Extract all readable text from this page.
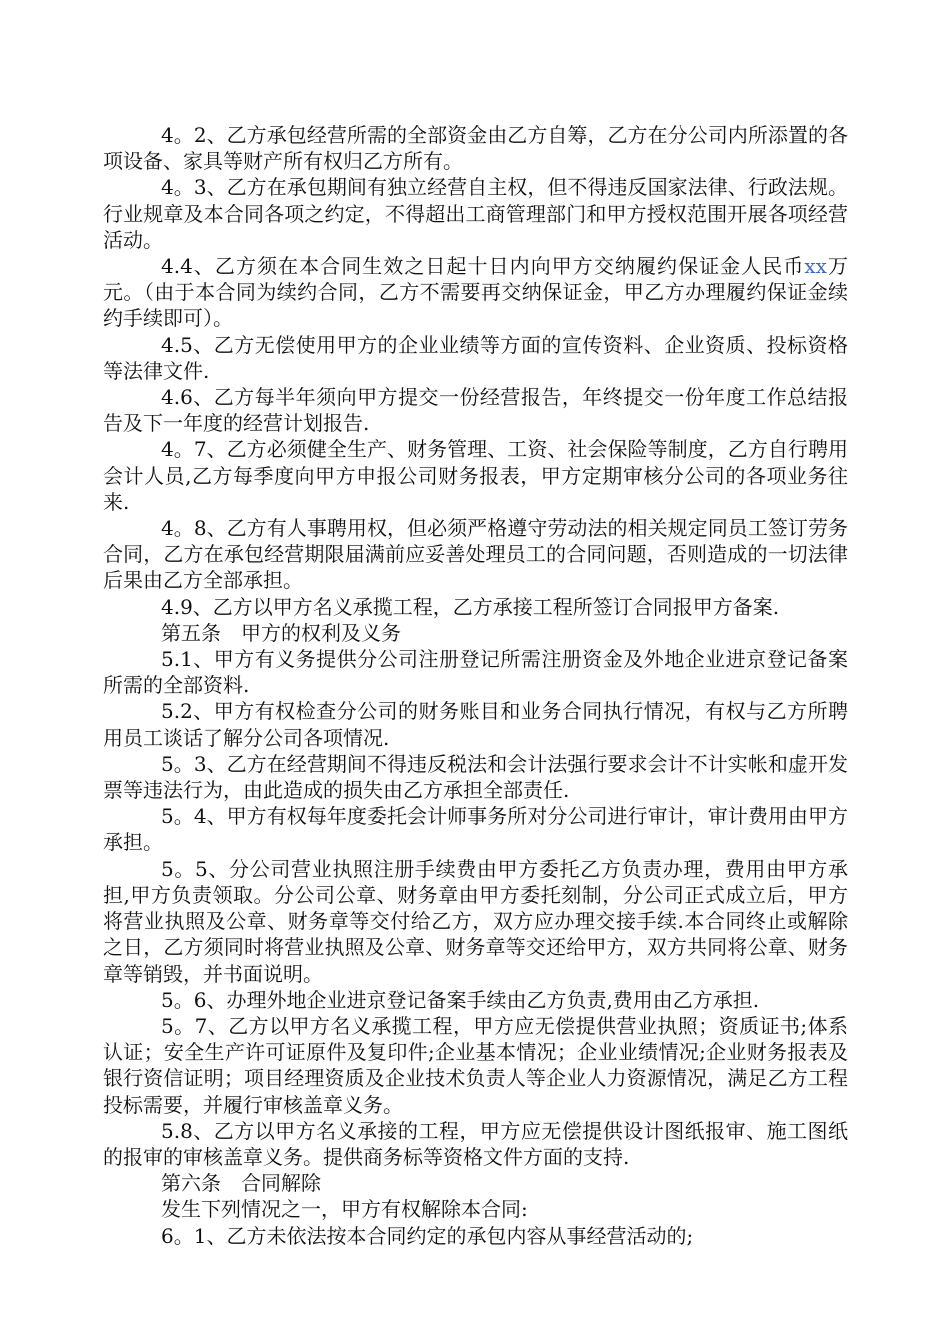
4。2、乙方承包经营所需的全部资金由乙方自筹，乙方在分公司内所添置的各项设备、家具等财产所有权归乙方所有。

4。3、乙方在承包期间有独立经营自主权，但不得违反国家法律、行政法规。行业规章及本合同各项之约定，不得超出工商管理部门和甲方授权范围开展各项经营活动。

4.4、乙方须在本合同生效之日起十日内向甲方交纳履约保证金人民币xx万元。（由于本合同为续约合同，乙方不需要再交纳保证金，甲乙方办理履约保证金续约手续即可）。

4.5、乙方无偿使用甲方的企业业绩等方面的宣传资料、企业资质、投标资格等法律文件.

4.6、乙方每半年须向甲方提交一份经营报告，年终提交一份年度工作总结报告及下一年度的经营计划报告.

4。7、乙方必须健全生产、财务管理、工资、社会保险等制度，乙方自行聘用会计人员,乙方每季度向甲方申报公司财务报表，甲方定期审核分公司的各项业务往来.

4。8、乙方有人事聘用权，但必须严格遵守劳动法的相关规定同员工签订劳务合同，乙方在承包经营期限届满前应妥善处理员工的合同问题，否则造成的一切法律后果由乙方全部承担。

4.9、乙方以甲方名义承揽工程，乙方承接工程所签订合同报甲方备案.

第五条　甲方的权利及义务

5.1、甲方有义务提供分公司注册登记所需注册资金及外地企业进京登记备案所需的全部资料.

5.2、甲方有权检查分公司的财务账目和业务合同执行情况，有权与乙方所聘用员工谈话了解分公司各项情况.

5。3、乙方在经营期间不得违反税法和会计法强行要求会计不计实帐和虚开发票等违法行为，由此造成的损失由乙方承担全部责任.

5。4、甲方有权每年度委托会计师事务所对分公司进行审计，审计费用由甲方承担。

5。5、分公司营业执照注册手续费由甲方委托乙方负责办理，费用由甲方承担,甲方负责领取。分公司公章、财务章由甲方委托刻制，分公司正式成立后，甲方将营业执照及公章、财务章等交付给乙方，双方应办理交接手续.本合同终止或解除之日，乙方须同时将营业执照及公章、财务章等交还给甲方，双方共同将公章、财务章等销毁，并书面说明。

5。6、办理外地企业进京登记备案手续由乙方负责,费用由乙方承担.

5。7、乙方以甲方名义承揽工程，甲方应无偿提供营业执照；资质证书;体系认证；安全生产许可证原件及复印件;企业基本情况；企业业绩情况;企业财务报表及银行资信证明；项目经理资质及企业技术负责人等企业人力资源情况，满足乙方工程投标需要，并履行审核盖章义务。

5.8、乙方以甲方名义承接的工程，甲方应无偿提供设计图纸报审、施工图纸的报审的审核盖章义务。提供商务标等资格文件方面的支持.

第六条　合同解除

发生下列情况之一，甲方有权解除本合同:

6。1、乙方未依法按本合同约定的承包内容从事经营活动的;
